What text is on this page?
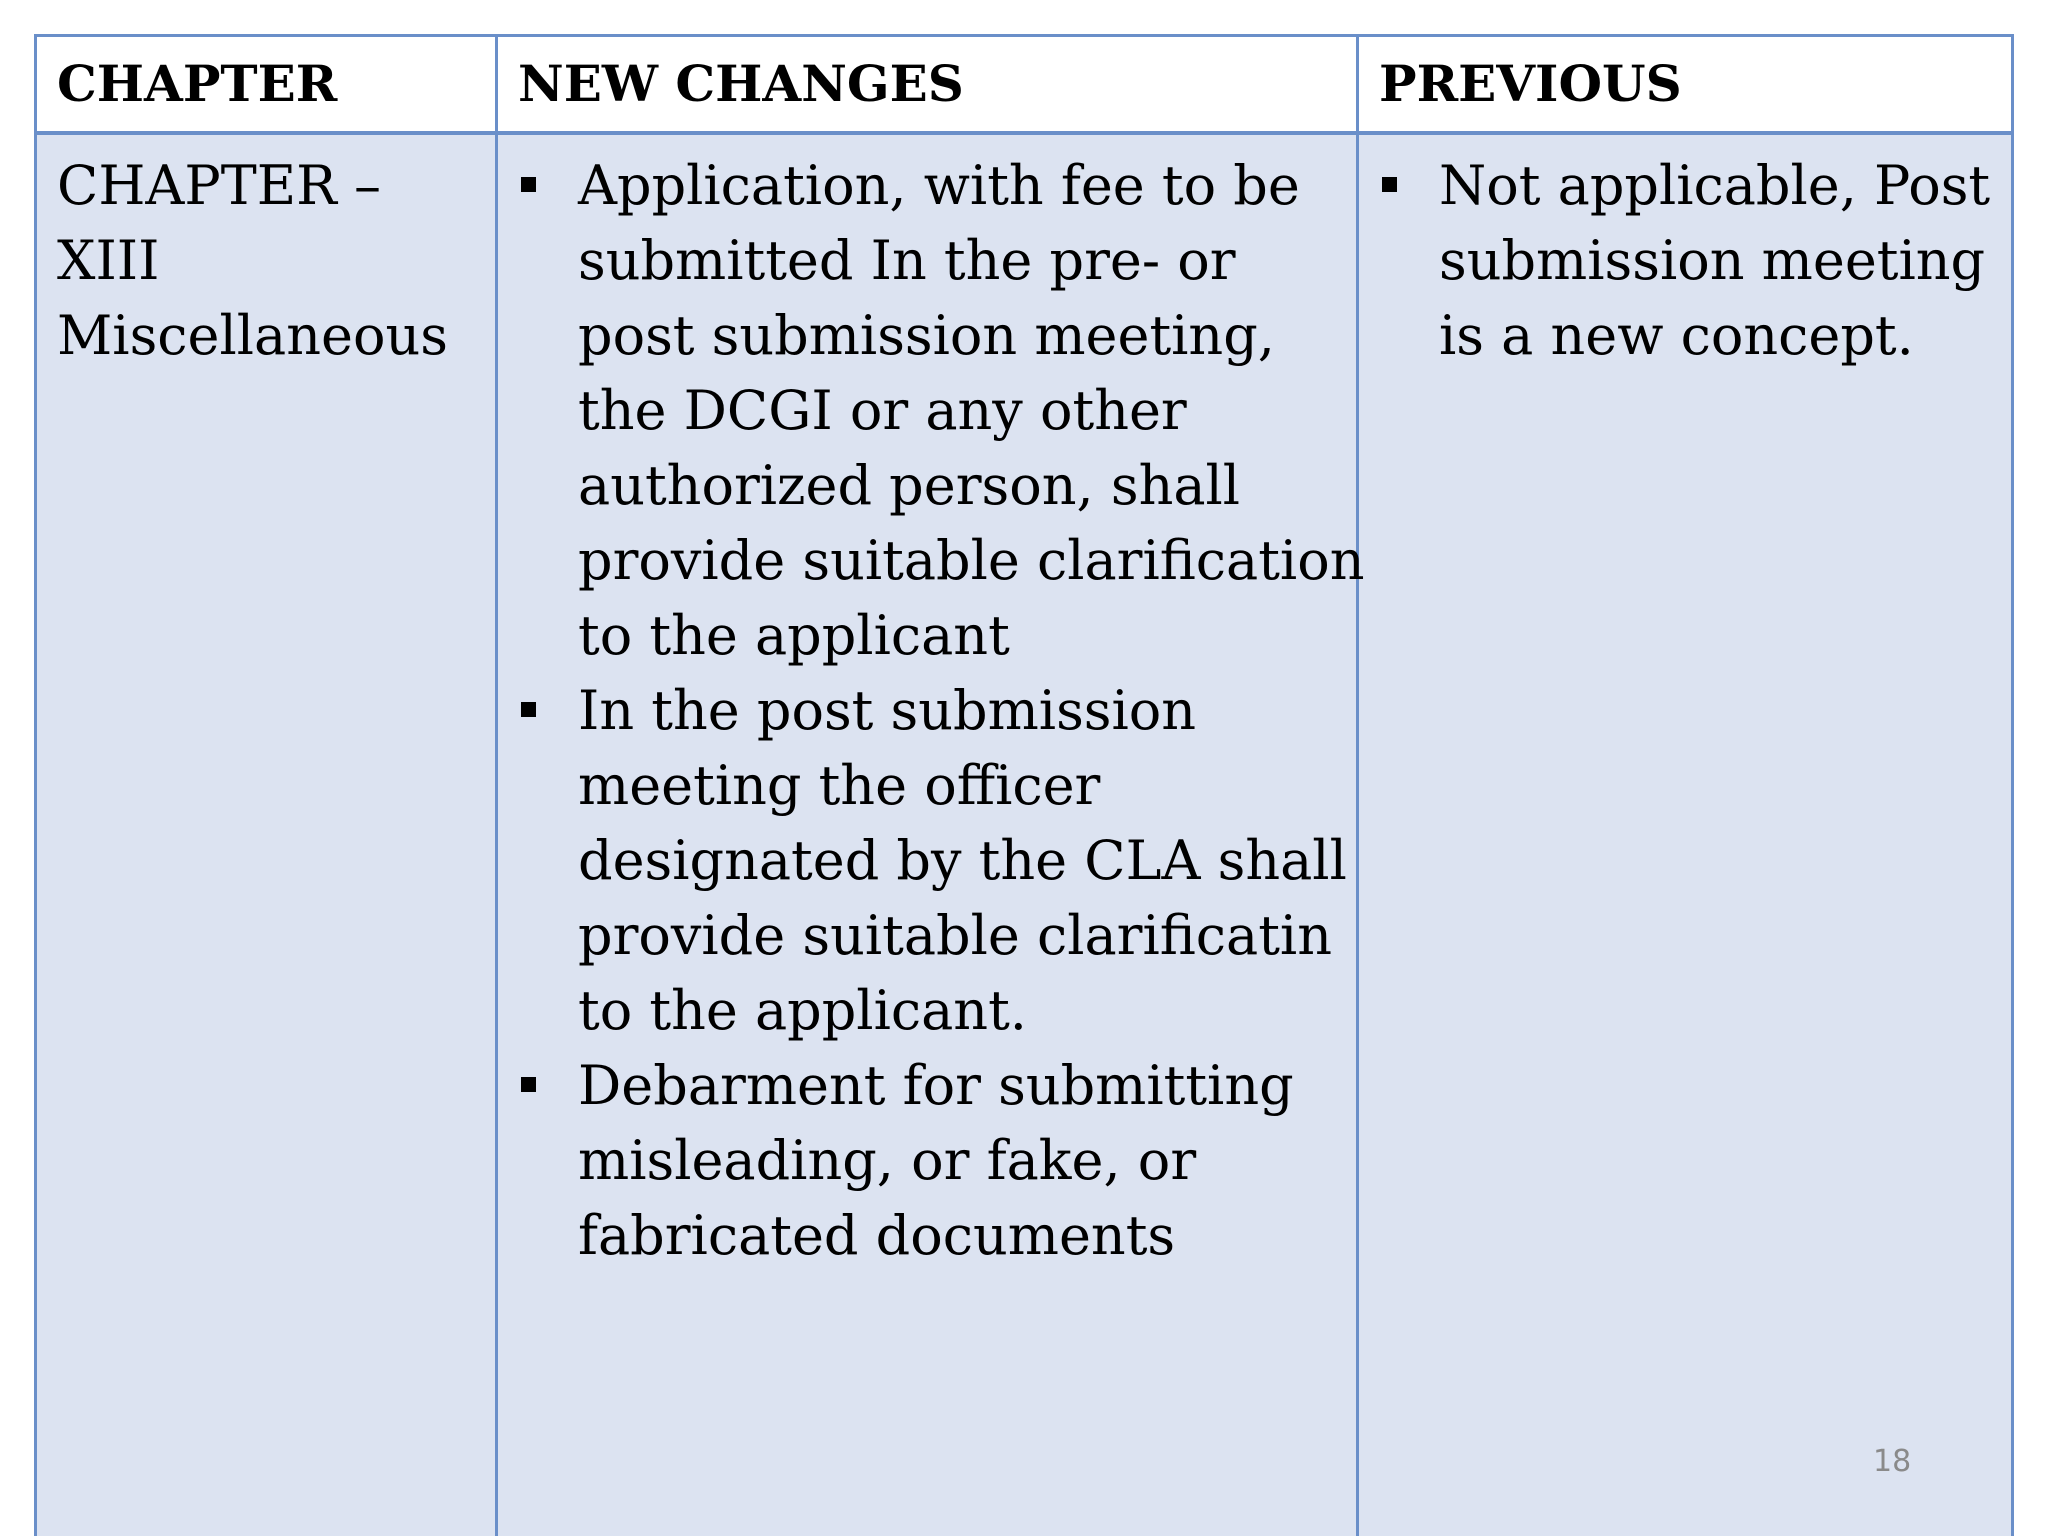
CHAPTER	NEW CHANGES	PREVIOUS
CHAPTER –
XIII
Miscellaneous
Application, with fee to be submitted In the pre- or post submission meeting, the DCGI or any other authorized person, shall provide suitable clarification to the applicant
In the post submission meeting the officer designated by the CLA shall provide suitable clarificatin to the applicant.
Debarment for submitting misleading, or fake, or fabricated documents
Not applicable, Post submission meeting is a new concept.
18
